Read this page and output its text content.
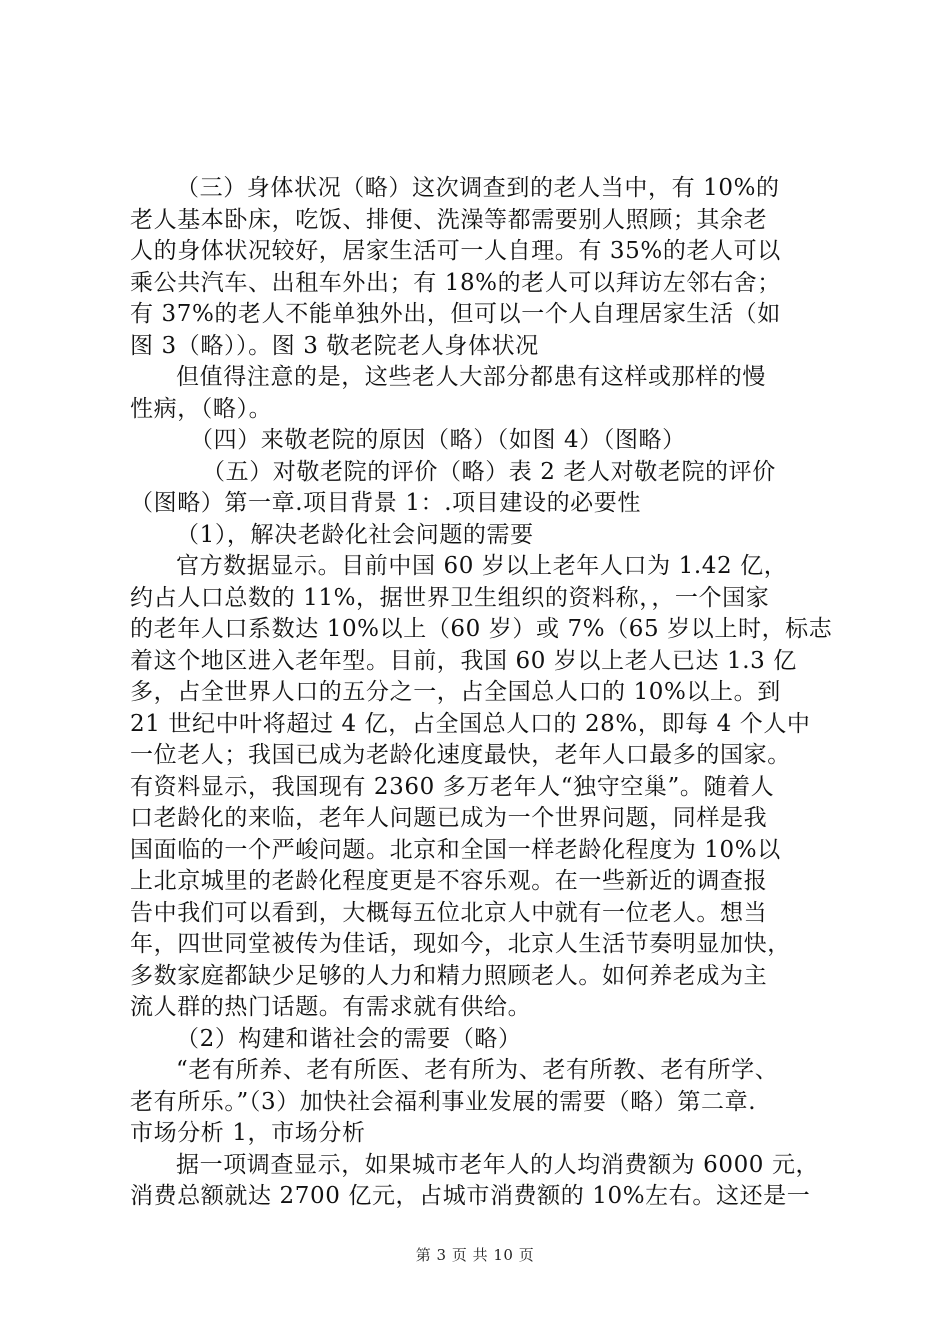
（三）身体状况（略）这次调查到的老人当中，有 10%的
老人基本卧床，吃饭、排便、洗澡等都需要别人照顾；其余老
人的身体状况较好，居家生活可一人自理。有 35%的老人可以
乘公共汽车、出租车外出；有 18%的老人可以拜访左邻右舍；
有 37%的老人不能单独外出，但可以一个人自理居家生活（如
图 3（略））。图 3 敬老院老人身体状况
但值得注意的是，这些老人大部分都患有这样或那样的慢
性病，（略）。
（四）来敬老院的原因（略）（如图 4）（图略）
（五）对敬老院的评价（略）表 2 老人对敬老院的评价
（图略）第一章.项目背景 1：.项目建设的必要性
（1），解决老龄化社会问题的需要
官方数据显示。目前中国 60 岁以上老年人口为 1.42 亿，
约占人口总数的 11%，据世界卫生组织的资料称，，一个国家
的老年人口系数达 10%以上（60 岁）或 7%（65 岁以上时，标志
着这个地区进入老年型。目前，我国 60 岁以上老人已达 1.3 亿
多，占全世界人口的五分之一，占全国总人口的 10%以上。到
21 世纪中叶将超过 4 亿，占全国总人口的 28%，即每 4 个人中
一位老人；我国已成为老龄化速度最快，老年人口最多的国家。
有资料显示，我国现有 2360 多万老年人“独守空巢”。随着人
口老龄化的来临，老年人问题已成为一个世界问题，同样是我
国面临的一个严峻问题。北京和全国一样老龄化程度为 10%以
上北京城里的老龄化程度更是不容乐观。在一些新近的调查报
告中我们可以看到，大概每五位北京人中就有一位老人。想当
年，四世同堂被传为佳话，现如今，北京人生活节奏明显加快，
多数家庭都缺少足够的人力和精力照顾老人。如何养老成为主
流人群的热门话题。有需求就有供给。
（2）构建和谐社会的需要（略）
“老有所养、老有所医、老有所为、老有所教、老有所学、
老有所乐。”（3）加快社会福利事业发展的需要（略）第二章.
市场分析 1，市场分析
据一项调查显示，如果城市老年人的人均消费额为 6000 元，
消费总额就达 2700 亿元，占城市消费额的 10%左右。这还是一
第 3 页 共 10 页
